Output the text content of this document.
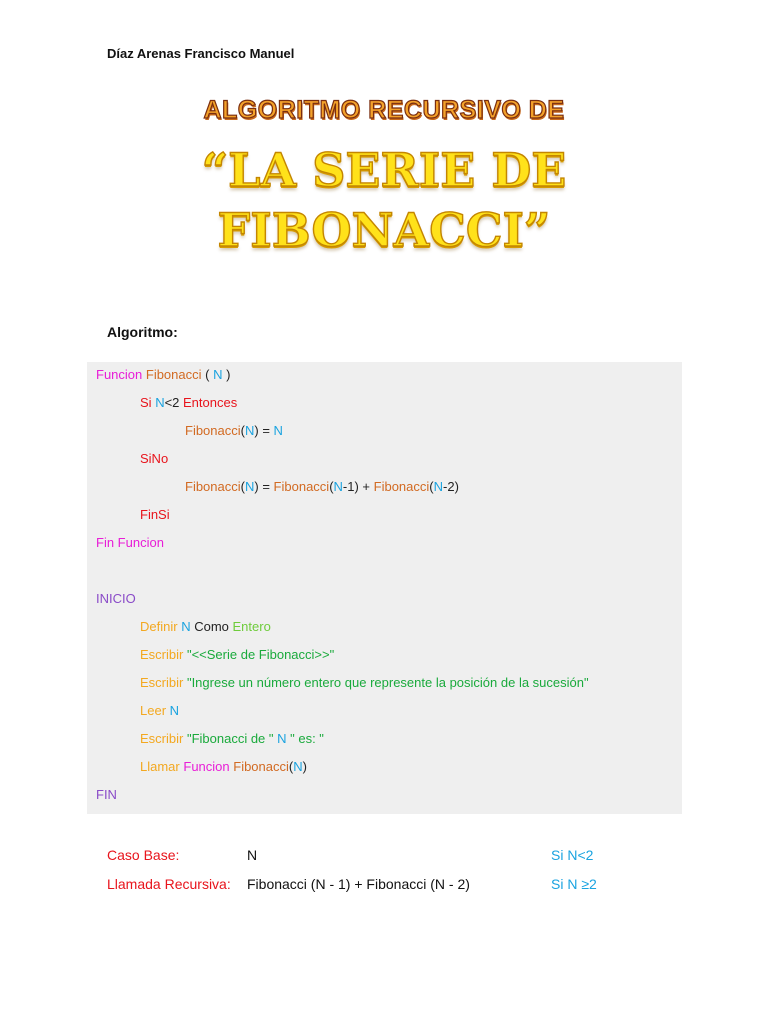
Díaz Arenas Francisco Manuel
ALGORITMO RECURSIVO DE
“LA SERIE DE
FIBONACCI”
Algoritmo:
Funcion Fibonacci ( N )
Si N<2 Entonces
Fibonacci(N) = N
SiNo
Fibonacci(N) = Fibonacci(N-1) + Fibonacci(N-2)
FinSi
Fin Funcion
INICIO
Definir N Como Entero
Escribir "<<Serie de Fibonacci>>"
Escribir "Ingrese un número entero que represente la posición de la sucesión"
Leer N
Escribir "Fibonacci de " N " es: "
Llamar Funcion Fibonacci(N)
FIN
Caso Base:	N	Si N<2
Llamada Recursiva: Fibonacci (N - 1) + Fibonacci (N - 2)	Si N ≥2
